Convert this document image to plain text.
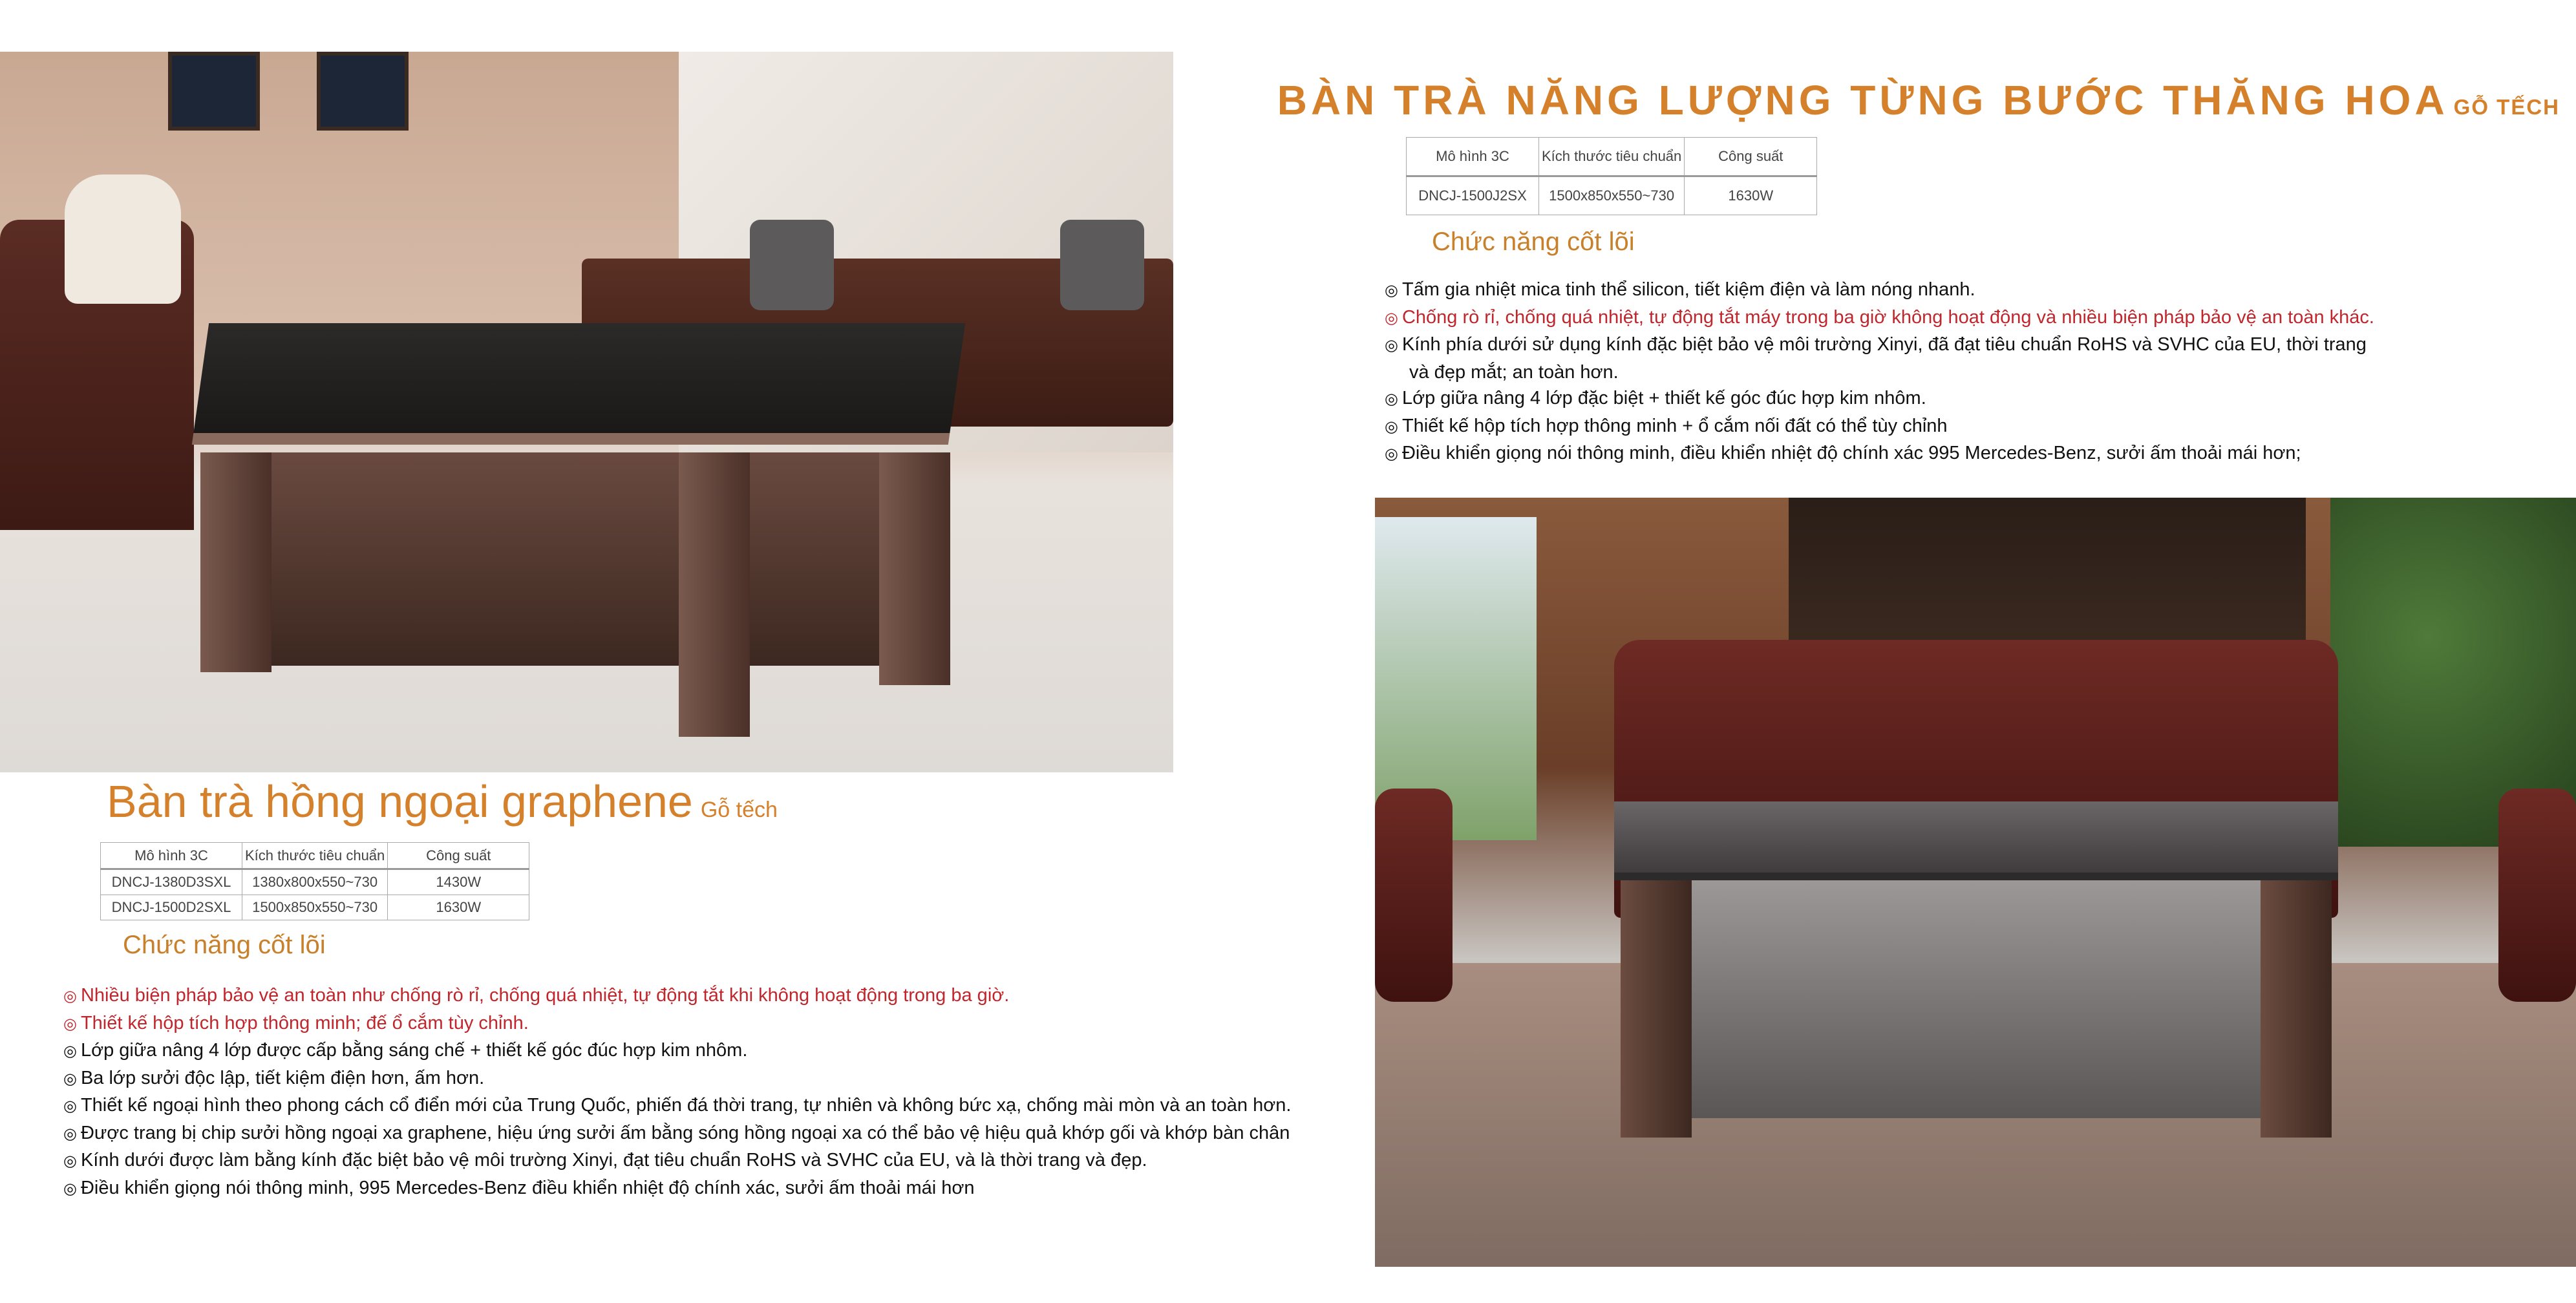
BÀN TRÀ NĂNG LƯỢNG TỪNG BƯỚC THĂNG HOA GỖ TẾCH
Mô hình 3C	Kích thước tiêu chuẩn	Công suất
DNCJ-1500J2SX	1500x850x550~730	1630W
Chức năng cốt lõi
◎ Tấm gia nhiệt mica tinh thể silicon, tiết kiệm điện và làm nóng nhanh.
◎ Chống rò rỉ, chống quá nhiệt, tự động tắt máy trong ba giờ không hoạt động và nhiều biện pháp bảo vệ an toàn khác.
◎ Kính phía dưới sử dụng kính đặc biệt bảo vệ môi trường Xinyi, đã đạt tiêu chuẩn RoHS và SVHC của EU, thời trang
và đẹp mắt; an toàn hơn.
◎ Lớp giữa nâng 4 lớp đặc biệt + thiết kế góc đúc hợp kim nhôm.
◎ Thiết kế hộp tích hợp thông minh + ổ cắm nối đất có thể tùy chỉnh
◎ Điều khiển giọng nói thông minh, điều khiển nhiệt độ chính xác 995 Mercedes-Benz, sưởi ấm thoải mái hơn;
Bàn trà hồng ngoại graphene Gỗ tếch
Mô hình 3C	Kích thước tiêu chuẩn	Công suất
DNCJ-1380D3SXL	1380x800x550~730	1430W
DNCJ-1500D2SXL	1500x850x550~730	1630W
Chức năng cốt lõi
◎ Nhiều biện pháp bảo vệ an toàn như chống rò rỉ, chống quá nhiệt, tự động tắt khi không hoạt động trong ba giờ.
◎ Thiết kế hộp tích hợp thông minh; đế ổ cắm tùy chỉnh.
◎ Lớp giữa nâng 4 lớp được cấp bằng sáng chế + thiết kế góc đúc hợp kim nhôm.
◎ Ba lớp sưởi độc lập, tiết kiệm điện hơn, ấm hơn.
◎ Thiết kế ngoại hình theo phong cách cổ điển mới của Trung Quốc, phiến đá thời trang, tự nhiên và không bức xạ, chống mài mòn và an toàn hơn.
◎ Được trang bị chip sưởi hồng ngoại xa graphene, hiệu ứng sưởi ấm bằng sóng hồng ngoại xa có thể bảo vệ hiệu quả khớp gối và khớp bàn chân
◎ Kính dưới được làm bằng kính đặc biệt bảo vệ môi trường Xinyi, đạt tiêu chuẩn RoHS và SVHC của EU, và là thời trang và đẹp.
◎ Điều khiển giọng nói thông minh, 995 Mercedes-Benz điều khiển nhiệt độ chính xác, sưởi ấm thoải mái hơn
